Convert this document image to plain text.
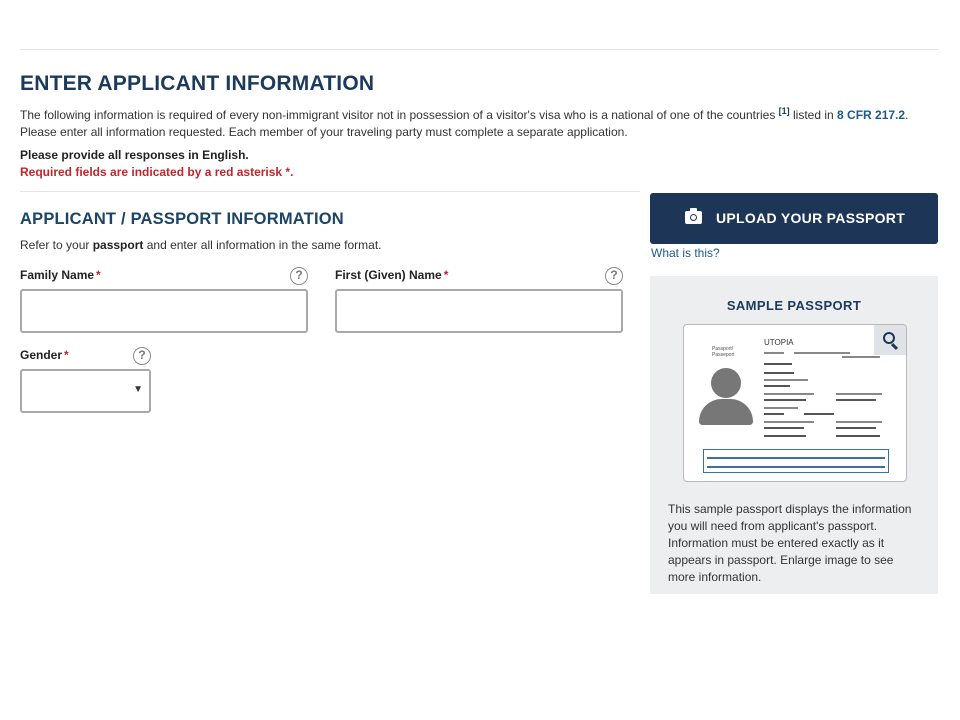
ENTER APPLICANT INFORMATION

The following information is required of every non-immigrant visitor not in possession of a visitor's visa who is a national of one of the countries [1] listed in 8 CFR 217.2. Please enter all information requested. Each member of your traveling party must complete a separate application.

Please provide all responses in English.

Required fields are indicated by a red asterisk *.

APPLICANT / PASSPORT INFORMATION

Refer to your passport and enter all information in the same format.

Family Name *	?	First (Given) Name *	?
Gender *	?
▼
UPLOAD YOUR PASSPORT
What is this?
SAMPLE PASSPORT
UTOPIA
Passport/ Passeport

This sample passport displays the information you will need from applicant's passport. Information must be entered exactly as it appears in passport. Enlarge image to see more information.
